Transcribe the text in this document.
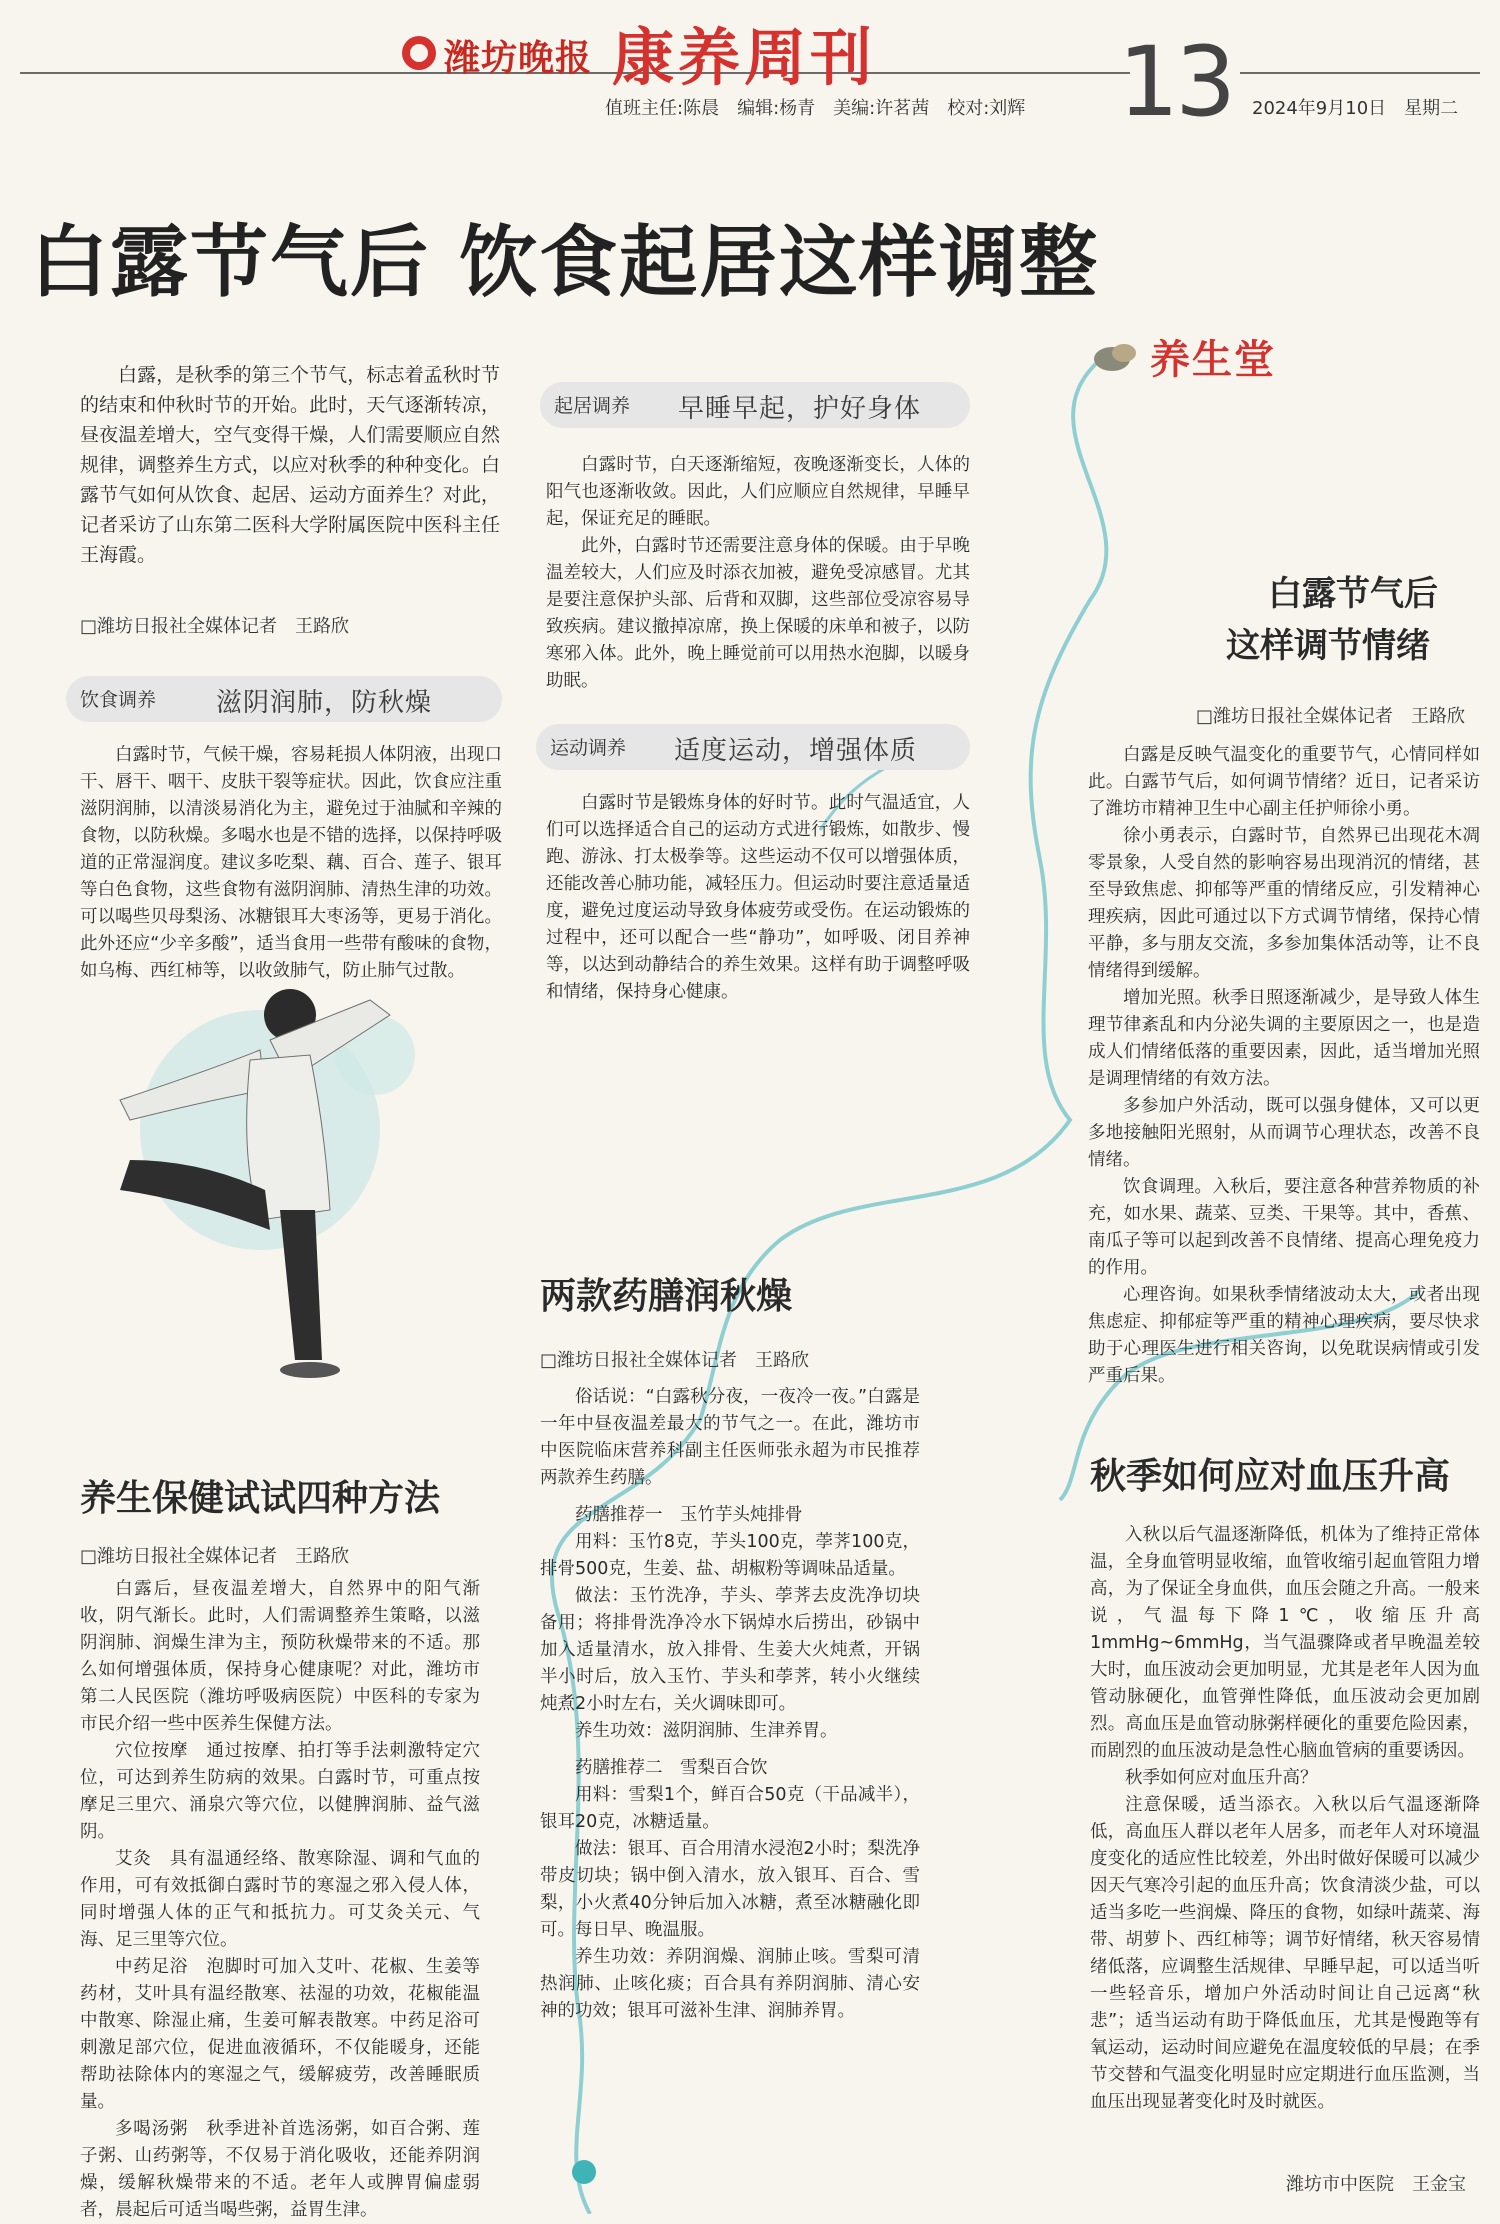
潍坊晚报 康养周刊	13
值班主任:陈晨　编辑:杨青　美编:许茗茜　校对:刘辉	2024年9月10日　星期二
白露节气后 饮食起居这样调整

白露，是秋季的第三个节气，标志着孟秋时节的结束和仲秋时节的开始。此时，天气逐渐转凉，昼夜温差增大，空气变得干燥，人们需要顺应自然规律，调整养生方式，以应对秋季的种种变化。白露节气如何从饮食、起居、运动方面养生？对此，记者采访了山东第二医科大学附属医院中医科主任王海霞。

□潍坊日报社全媒体记者　王路欣
饮食调养 滋阴润肺，防秋燥

白露时节，气候干燥，容易耗损人体阴液，出现口干、唇干、咽干、皮肤干裂等症状。因此，饮食应注重滋阴润肺，以清淡易消化为主，避免过于油腻和辛辣的食物，以防秋燥。多喝水也是不错的选择，以保持呼吸道的正常湿润度。建议多吃梨、藕、百合、莲子、银耳等白色食物，这些食物有滋阴润肺、清热生津的功效。可以喝些贝母梨汤、冰糖银耳大枣汤等，更易于消化。此外还应“少辛多酸”，适当食用一些带有酸味的食物，如乌梅、西红柿等，以收敛肺气，防止肺气过散。

起居调养 早睡早起，护好身体

白露时节，白天逐渐缩短，夜晚逐渐变长，人体的阳气也逐渐收敛。因此，人们应顺应自然规律，早睡早起，保证充足的睡眠。

此外，白露时节还需要注意身体的保暖。由于早晚温差较大，人们应及时添衣加被，避免受凉感冒。尤其是要注意保护头部、后背和双脚，这些部位受凉容易导致疾病。建议撤掉凉席，换上保暖的床单和被子，以防寒邪入体。此外，晚上睡觉前可以用热水泡脚，以暖身助眠。

运动调养 适度运动，增强体质

白露时节是锻炼身体的好时节。此时气温适宜，人们可以选择适合自己的运动方式进行锻炼，如散步、慢跑、游泳、打太极拳等。这些运动不仅可以增强体质，还能改善心肺功能，减轻压力。但运动时要注意适量适度，避免过度运动导致身体疲劳或受伤。在运动锻炼的过程中，还可以配合一些“静功”，如呼吸、闭目养神等，以达到动静结合的养生效果。这样有助于调整呼吸和情绪，保持身心健康。

两款药膳润秋燥
□潍坊日报社全媒体记者　王路欣

俗话说：“白露秋分夜，一夜冷一夜。”白露是一年中昼夜温差最大的节气之一。在此，潍坊市中医院临床营养科副主任医师张永超为市民推荐两款养生药膳。

药膳推荐一　玉竹芋头炖排骨

用料：玉竹8克，芋头100克，荸荠100克，排骨500克，生姜、盐、胡椒粉等调味品适量。

做法：玉竹洗净，芋头、荸荠去皮洗净切块备用；将排骨洗净冷水下锅焯水后捞出，砂锅中加入适量清水，放入排骨、生姜大火炖煮，开锅半小时后，放入玉竹、芋头和荸荠，转小火继续炖煮2小时左右，关火调味即可。

养生功效：滋阴润肺、生津养胃。

药膳推荐二　雪梨百合饮

用料：雪梨1个，鲜百合50克（干品减半），银耳20克，冰糖适量。

做法：银耳、百合用清水浸泡2小时；梨洗净带皮切块；锅中倒入清水，放入银耳、百合、雪梨，小火煮40分钟后加入冰糖，煮至冰糖融化即可。每日早、晚温服。

养生功效：养阴润燥、润肺止咳。雪梨可清热润肺、止咳化痰；百合具有养阴润肺、清心安神的功效；银耳可滋补生津、润肺养胃。

养生保健试试四种方法
□潍坊日报社全媒体记者　王路欣

白露后，昼夜温差增大，自然界中的阳气渐收，阴气渐长。此时，人们需调整养生策略，以滋阴润肺、润燥生津为主，预防秋燥带来的不适。那么如何增强体质，保持身心健康呢？对此，潍坊市第二人民医院（潍坊呼吸病医院）中医科的专家为市民介绍一些中医养生保健方法。

穴位按摩　通过按摩、拍打等手法刺激特定穴位，可达到养生防病的效果。白露时节，可重点按摩足三里穴、涌泉穴等穴位，以健脾润肺、益气滋阴。

艾灸　具有温通经络、散寒除湿、调和气血的作用，可有效抵御白露时节的寒湿之邪入侵人体，同时增强人体的正气和抵抗力。可艾灸关元、气海、足三里等穴位。

中药足浴　泡脚时可加入艾叶、花椒、生姜等药材，艾叶具有温经散寒、祛湿的功效，花椒能温中散寒、除湿止痛，生姜可解表散寒。中药足浴可刺激足部穴位，促进血液循环，不仅能暖身，还能帮助祛除体内的寒湿之气，缓解疲劳，改善睡眠质量。

多喝汤粥　秋季进补首选汤粥，如百合粥、莲子粥、山药粥等，不仅易于消化吸收，还能养阴润燥，缓解秋燥带来的不适。老年人或脾胃偏虚弱者，晨起后可适当喝些粥，益胃生津。

养生堂
白露节气后
这样调节情绪
□潍坊日报社全媒体记者　王路欣

白露是反映气温变化的重要节气，心情同样如此。白露节气后，如何调节情绪？近日，记者采访了潍坊市精神卫生中心副主任护师徐小勇。

徐小勇表示，白露时节，自然界已出现花木凋零景象，人受自然的影响容易出现消沉的情绪，甚至导致焦虑、抑郁等严重的情绪反应，引发精神心理疾病，因此可通过以下方式调节情绪，保持心情平静，多与朋友交流，多参加集体活动等，让不良情绪得到缓解。

增加光照。秋季日照逐渐减少，是导致人体生理节律紊乱和内分泌失调的主要原因之一，也是造成人们情绪低落的重要因素，因此，适当增加光照是调理情绪的有效方法。

多参加户外活动，既可以强身健体，又可以更多地接触阳光照射，从而调节心理状态，改善不良情绪。

饮食调理。入秋后，要注意各种营养物质的补充，如水果、蔬菜、豆类、干果等。其中，香蕉、南瓜子等可以起到改善不良情绪、提高心理免疫力的作用。

心理咨询。如果秋季情绪波动太大，或者出现焦虑症、抑郁症等严重的精神心理疾病，要尽快求助于心理医生进行相关咨询，以免耽误病情或引发严重后果。

秋季如何应对血压升高

入秋以后气温逐渐降低，机体为了维持正常体温，全身血管明显收缩，血管收缩引起血管阻力增高，为了保证全身血供，血压会随之升高。一般来说，气温每下降1℃，收缩压升高1mmHg~6mmHg，当气温骤降或者早晚温差较大时，血压波动会更加明显，尤其是老年人因为血管动脉硬化，血管弹性降低，血压波动会更加剧烈。高血压是血管动脉粥样硬化的重要危险因素，而剧烈的血压波动是急性心脑血管病的重要诱因。

秋季如何应对血压升高？

注意保暖，适当添衣。入秋以后气温逐渐降低，高血压人群以老年人居多，而老年人对环境温度变化的适应性比较差，外出时做好保暖可以减少因天气寒冷引起的血压升高；饮食清淡少盐，可以适当多吃一些润燥、降压的食物，如绿叶蔬菜、海带、胡萝卜、西红柿等；调节好情绪，秋天容易情绪低落，应调整生活规律、早睡早起，可以适当听一些轻音乐，增加户外活动时间让自己远离“秋悲”；适当运动有助于降低血压，尤其是慢跑等有氧运动，运动时间应避免在温度较低的早晨；在季节交替和气温变化明显时应定期进行血压监测，当血压出现显著变化时及时就医。

潍坊市中医院　王金宝
